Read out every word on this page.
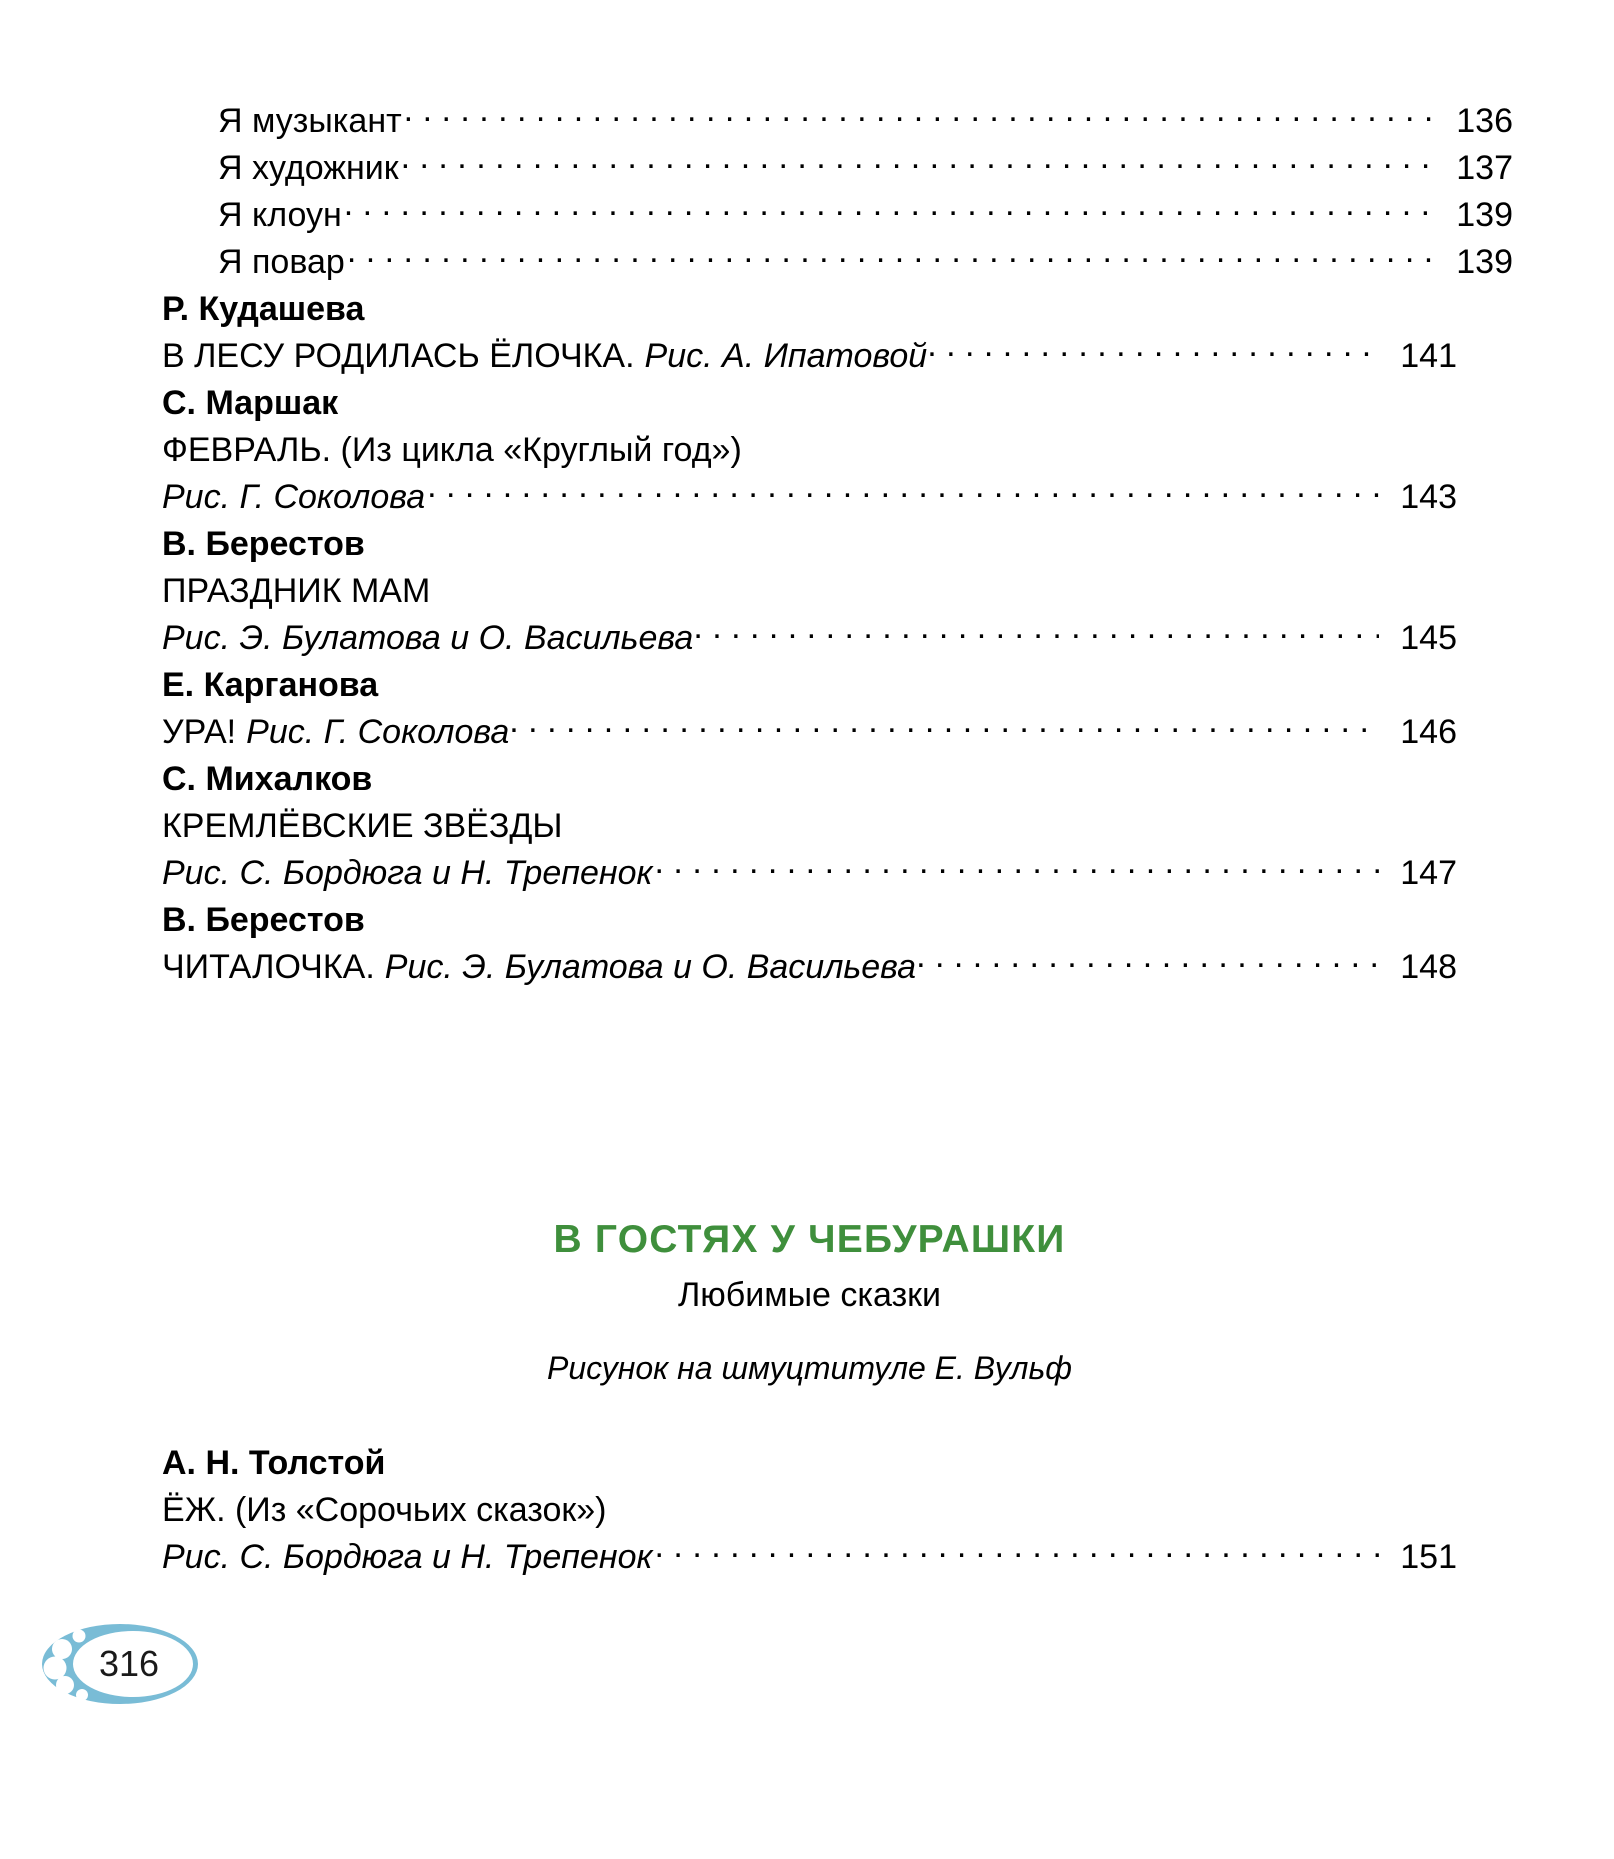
Я музыкант . . .	136
Я художник . . .	137
Я клоун . . .	139
Я повар . . .	139
Р. Кудашева
В ЛЕСУ РОДИЛАСЬ ЁЛОЧКА. Рис. А. Ипатовой . . .	141
С. Маршак
ФЕВРАЛЬ. (Из цикла «Круглый год»)
Рис. Г. Соколова . . .	143
В. Берестов
ПРАЗДНИК МАМ
Рис. Э. Булатова и О. Васильева . . .	145
Е. Карганова
УРА! Рис. Г. Соколова . . .	146
С. Михалков
КРЕМЛЁВСКИЕ ЗВЁЗДЫ
Рис. С. Бордюга и Н. Трепенок . . .	147
В. Берестов
ЧИТАЛОЧКА. Рис. Э. Булатова и О. Васильева . . .	148
В ГОСТЯХ У ЧЕБУРАШКИ
Любимые сказки
Рисунок на шмуцтитуле Е. Вульф
А. Н. Толстой
ЁЖ. (Из «Сорочьих сказок»)
Рис. С. Бордюга и Н. Трепенок . . .	151
316
